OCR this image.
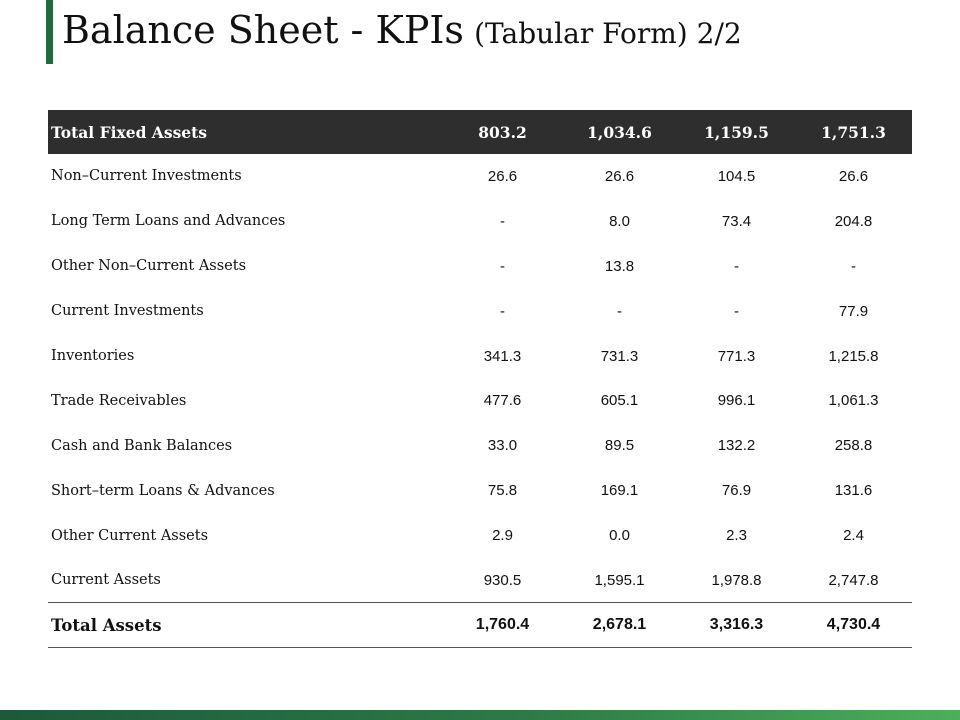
Balance Sheet - KPIs (Tabular Form) 2/2
Total Fixed Assets	803.2	1,034.6	1,159.5	1,751.3
Non–Current Investments	26.6	26.6	104.5	26.6
Long Term Loans and Advances	-	8.0	73.4	204.8
Other Non–Current Assets	-	13.8	-	-
Current Investments	-	-	-	77.9
Inventories	341.3	731.3	771.3	1,215.8
Trade Receivables	477.6	605.1	996.1	1,061.3
Cash and Bank Balances	33.0	89.5	132.2	258.8
Short–term Loans & Advances	75.8	169.1	76.9	131.6
Other Current Assets	2.9	0.0	2.3	2.4
Current Assets	930.5	1,595.1	1,978.8	2,747.8
Total Assets	1,760.4	2,678.1	3,316.3	4,730.4
